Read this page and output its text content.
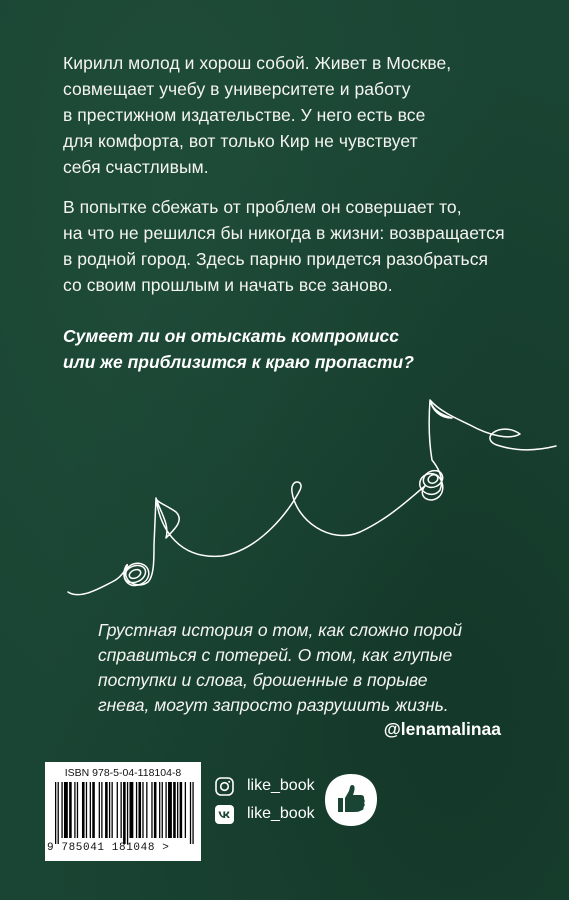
Кирилл молод и хорош собой. Живет в Москве,
совмещает учебу в университете и работу
в престижном издательстве. У него есть все
для комфорта, вот только Кир не чувствует
себя счастливым.
В попытке сбежать от проблем он совершает то,
на что не решился бы никогда в жизни: возвращается
в родной город. Здесь парню придется разобраться
со своим прошлым и начать все заново.
Сумеет ли он отыскать компромисс
или же приблизится к краю пропасти?
Грустная история о том, как сложно порой
справиться с потерей. О том, как глупые
поступки и слова, брошенные в порыве
гнева, могут запросто разрушить жизнь.
@lenamalinaa
ISBN 978-5-04-118104-8
9 785041 181048 >
like_book
like_book
